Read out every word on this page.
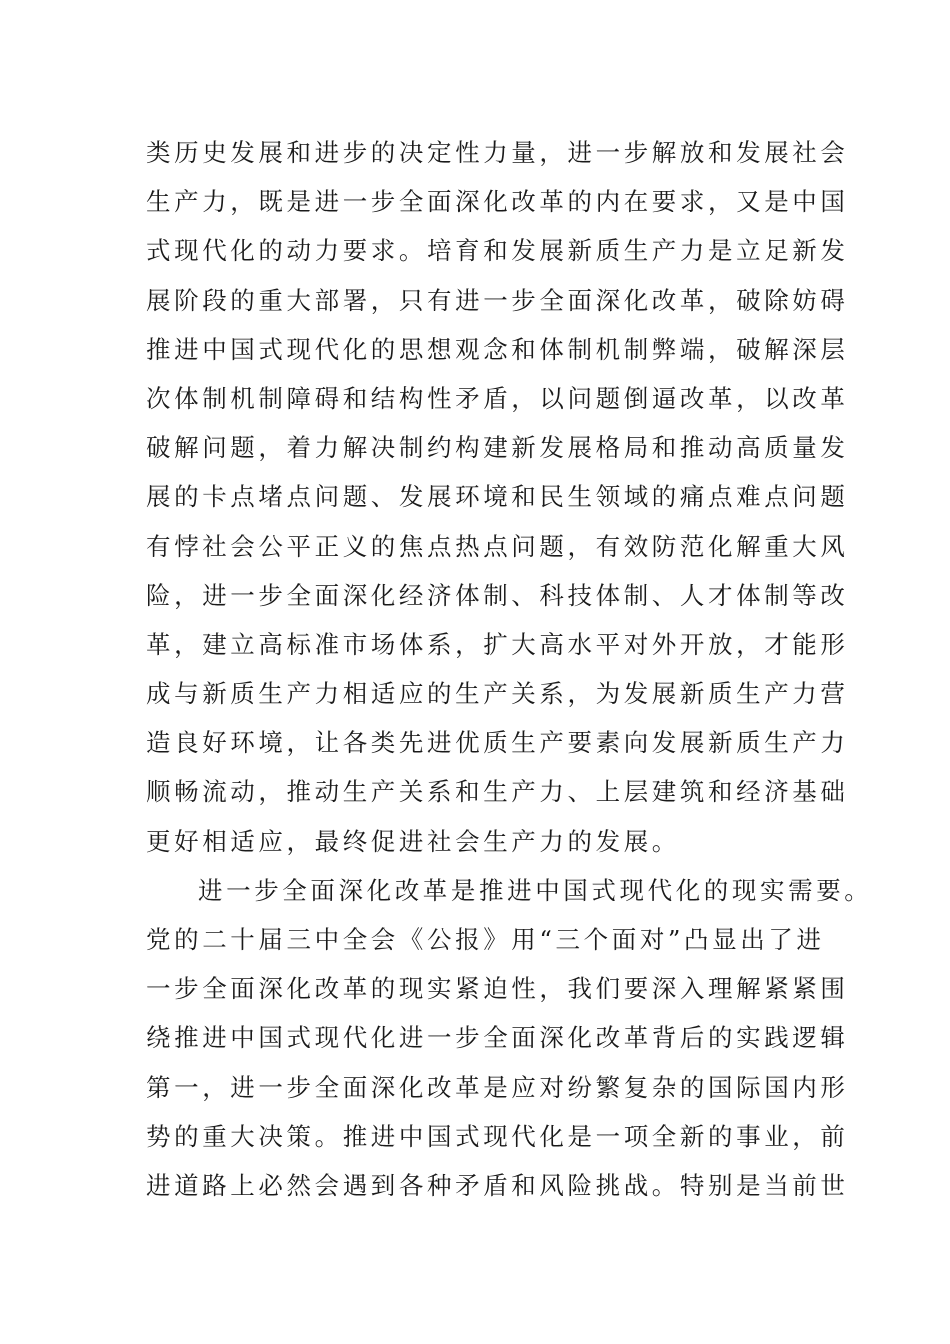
类历史发展和进步的决定性力量，进一步解放和发展社会
生产力，既是进一步全面深化改革的内在要求，又是中国
式现代化的动力要求。培育和发展新质生产力是立足新发
展阶段的重大部署，只有进一步全面深化改革，破除妨碍
推进中国式现代化的思想观念和体制机制弊端，破解深层
次体制机制障碍和结构性矛盾，以问题倒逼改革，以改革
破解问题，着力解决制约构建新发展格局和推动高质量发
展的卡点堵点问题、发展环境和民生领域的痛点难点问题
有悖社会公平正义的焦点热点问题，有效防范化解重大风
险，进一步全面深化经济体制、科技体制、人才体制等改
革，建立高标准市场体系，扩大高水平对外开放，才能形
成与新质生产力相适应的生产关系，为发展新质生产力营
造良好环境，让各类先进优质生产要素向发展新质生产力
顺畅流动，推动生产关系和生产力、上层建筑和经济基础
更好相适应，最终促进社会生产力的发展。
进一步全面深化改革是推进中国式现代化的现实需要。
党的二十届三中全会《公报》用“三个面对”凸显出了进
一步全面深化改革的现实紧迫性，我们要深入理解紧紧围
绕推进中国式现代化进一步全面深化改革背后的实践逻辑
第一，进一步全面深化改革是应对纷繁复杂的国际国内形
势的重大决策。推进中国式现代化是一项全新的事业，前
进道路上必然会遇到各种矛盾和风险挑战。特别是当前世
